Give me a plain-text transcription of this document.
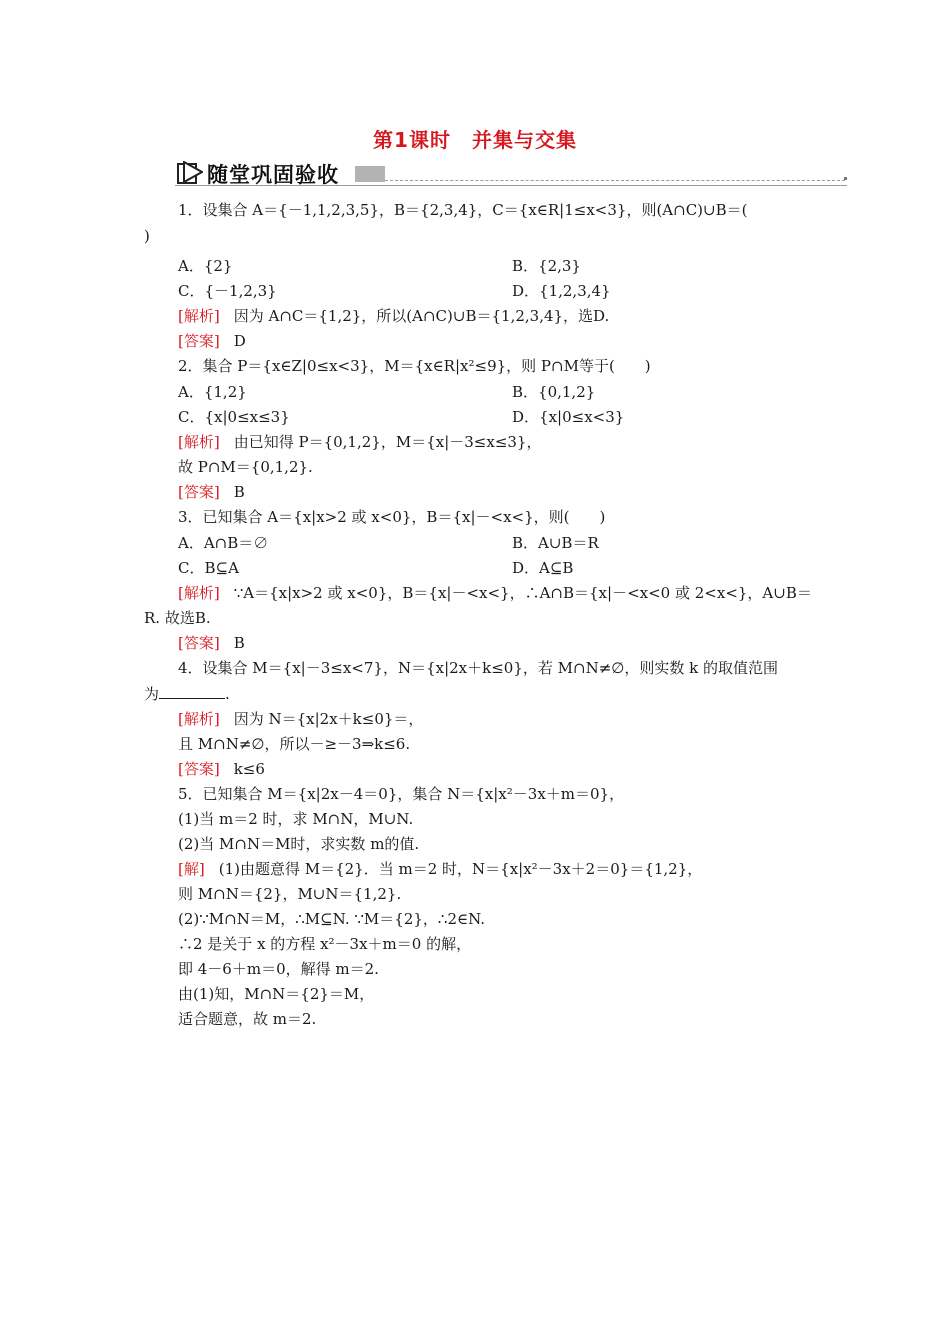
第1课时　并集与交集
随堂巩固验收
1．设集合 A＝{－1,1,2,3,5}，B＝{2,3,4}，C＝{x∈R|1≤x<3}，则(A∩C)∪B＝(
)
A．{2}	B．{2,3}
C．{－1,2,3}	D．{1,2,3,4}
[解析] 因为 A∩C＝{1,2}，所以(A∩C)∪B＝{1,2,3,4}，选D.
[答案] D
2．集合 P＝{x∈Z|0≤x<3}，M＝{x∈R|x²≤9}，则 P∩M等于(　　)
A．{1,2}	B．{0,1,2}
C．{x|0≤x≤3}	D．{x|0≤x<3}
[解析] 由已知得 P＝{0,1,2}，M＝{x|－3≤x≤3}，
故 P∩M＝{0,1,2}.
[答案] B
3．已知集合 A＝{x|x>2 或 x<0}，B＝{x|－<x<}，则(　　)
A．A∩B＝∅	B．A∪B＝R
C．B⊆A	D．A⊆B
[解析] ∵A＝{x|x>2 或 x<0}，B＝{x|－<x<}，∴A∩B＝{x|－<x<0 或 2<x<}，A∪B＝
R. 故选B.
[答案] B
4．设集合 M＝{x|－3≤x<7}，N＝{x|2x＋k≤0}，若 M∩N≠∅，则实数 k 的取值范围
为	.
[解析] 因为 N＝{x|2x＋k≤0}＝，
且 M∩N≠∅，所以－≥－3⇒k≤6.
[答案] k≤6
5．已知集合 M＝{x|2x－4＝0}，集合 N＝{x|x²－3x＋m＝0}，
(1)当 m＝2 时，求 M∩N，M∪N.
(2)当 M∩N＝M时，求实数 m的值.
[解] (1)由题意得 M＝{2}．当 m＝2 时，N＝{x|x²－3x＋2＝0}＝{1,2}，
则 M∩N＝{2}，M∪N＝{1,2}.
(2)∵M∩N＝M，∴M⊆N. ∵M＝{2}，∴2∈N.
∴2 是关于 x 的方程 x²－3x＋m＝0 的解，
即 4－6＋m＝0，解得 m＝2.
由(1)知，M∩N＝{2}＝M，
适合题意，故 m＝2.
